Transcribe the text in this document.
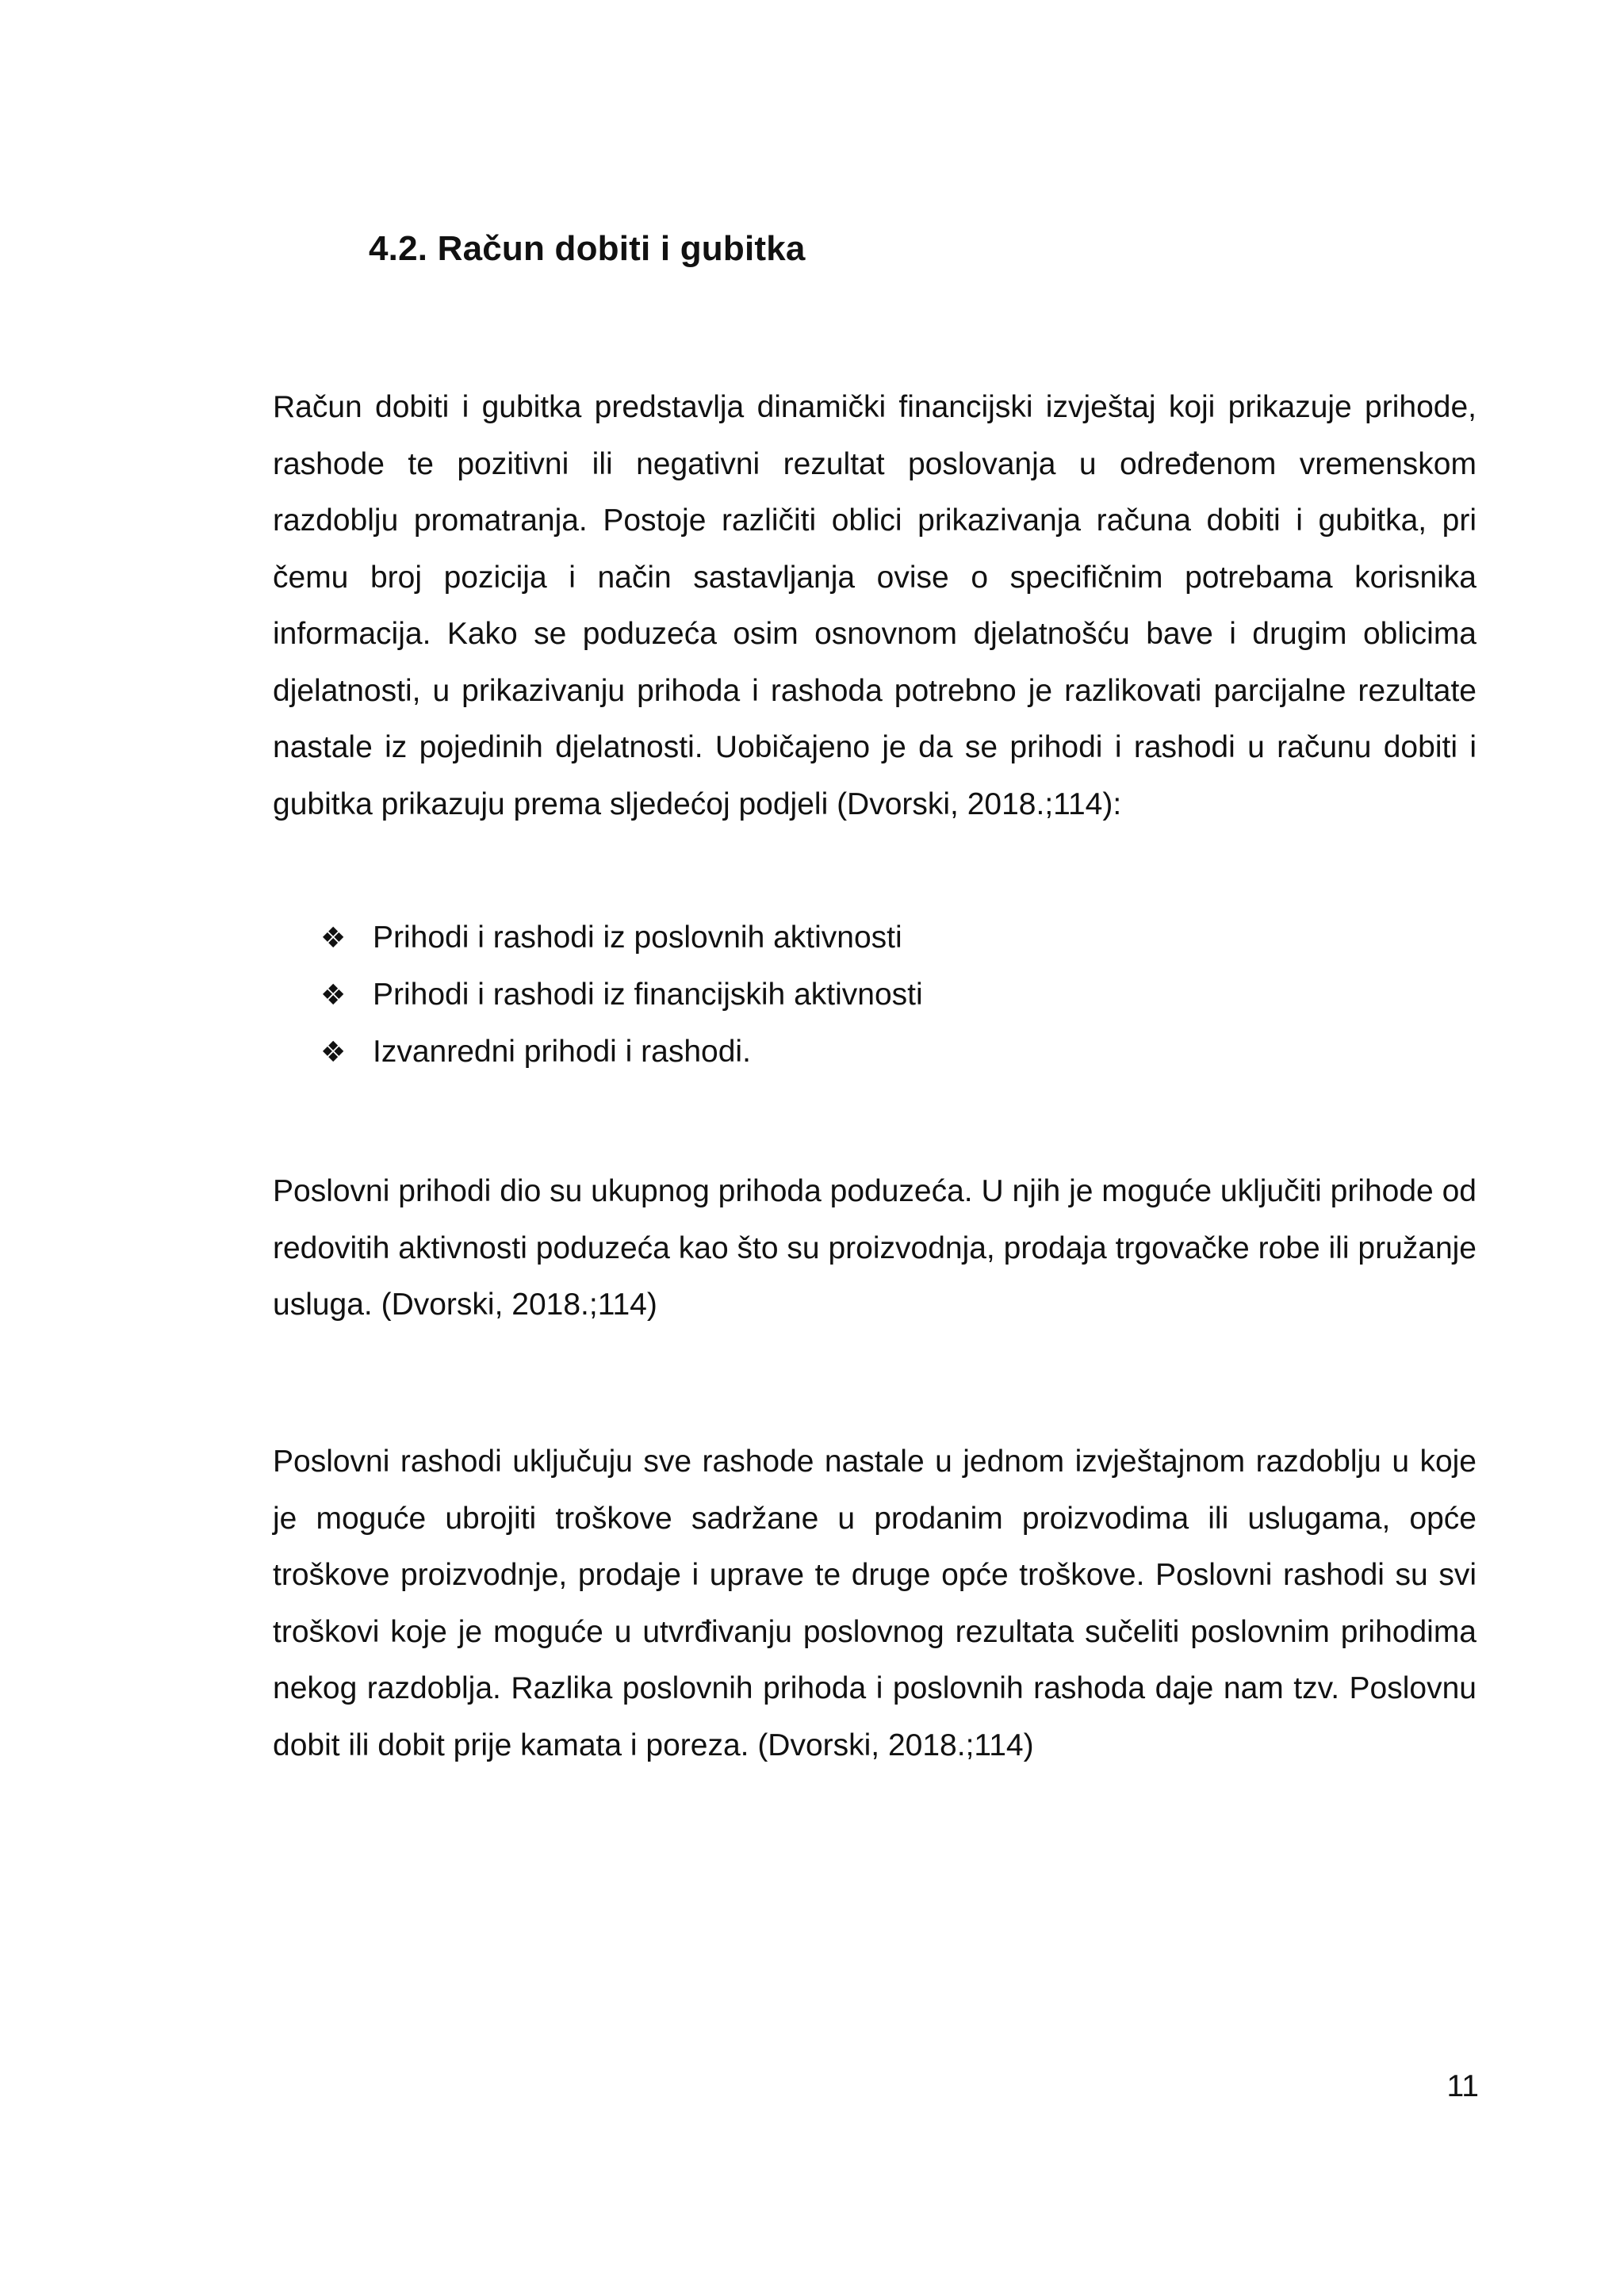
4.2. Račun dobiti i gubitka

Račun dobiti i gubitka predstavlja dinamički financijski izvještaj koji prikazuje prihode, rashode te pozitivni ili negativni rezultat poslovanja u određenom vremenskom razdoblju promatranja. Postoje različiti oblici prikazivanja računa dobiti i gubitka, pri čemu broj pozicija i način sastavljanja ovise o specifičnim potrebama korisnika informacija. Kako se poduzeća osim osnovnom djelatnošću bave i drugim oblicima djelatnosti, u prikazivanju prihoda i rashoda potrebno je razlikovati parcijalne rezultate nastale iz pojedinih djelatnosti. Uobičajeno je da se prihodi i rashodi u računu dobiti i gubitka prikazuju prema sljedećoj podjeli (Dvorski, 2018.;114):

❖ Prihodi i rashodi iz poslovnih aktivnosti
❖ Prihodi i rashodi iz financijskih aktivnosti
❖ Izvanredni prihodi i rashodi.

Poslovni prihodi dio su ukupnog prihoda poduzeća. U njih je moguće uključiti prihode od redovitih aktivnosti poduzeća kao što su proizvodnja, prodaja trgovačke robe ili pružanje usluga. (Dvorski, 2018.;114)

Poslovni rashodi uključuju sve rashode nastale u jednom izvještajnom razdoblju u koje je moguće ubrojiti troškove sadržane u prodanim proizvodima ili uslugama, opće troškove proizvodnje, prodaje i uprave te druge opće troškove. Poslovni rashodi su svi troškovi koje je moguće u utvrđivanju poslovnog rezultata sučeliti poslovnim prihodima nekog razdoblja. Razlika poslovnih prihoda i poslovnih rashoda daje nam tzv. Poslovnu dobit ili dobit prije kamata i poreza. (Dvorski, 2018.;114)

11
